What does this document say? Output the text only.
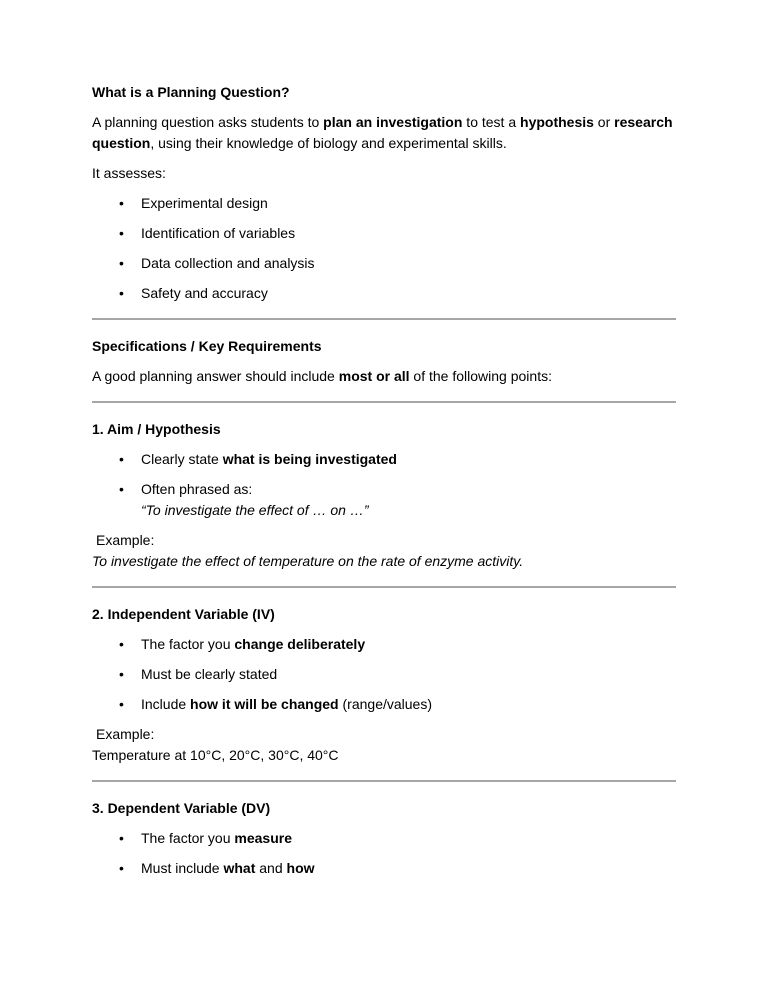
What is a Planning Question?

A planning question asks students to plan an investigation to test a hypothesis or research question, using their knowledge of biology and experimental skills.

It assesses:

• Experimental design
• Identification of variables
• Data collection and analysis
• Safety and accuracy

Specifications / Key Requirements

A good planning answer should include most or all of the following points:

1. Aim / Hypothesis

• Clearly state what is being investigated
• Often phrased as:
“To investigate the effect of … on …”

Example:

To investigate the effect of temperature on the rate of enzyme activity.

2. Independent Variable (IV)

• The factor you change deliberately
• Must be clearly stated
• Include how it will be changed (range/values)

Example:

Temperature at 10°C, 20°C, 30°C, 40°C

3. Dependent Variable (DV)

• The factor you measure
• Must include what and how
